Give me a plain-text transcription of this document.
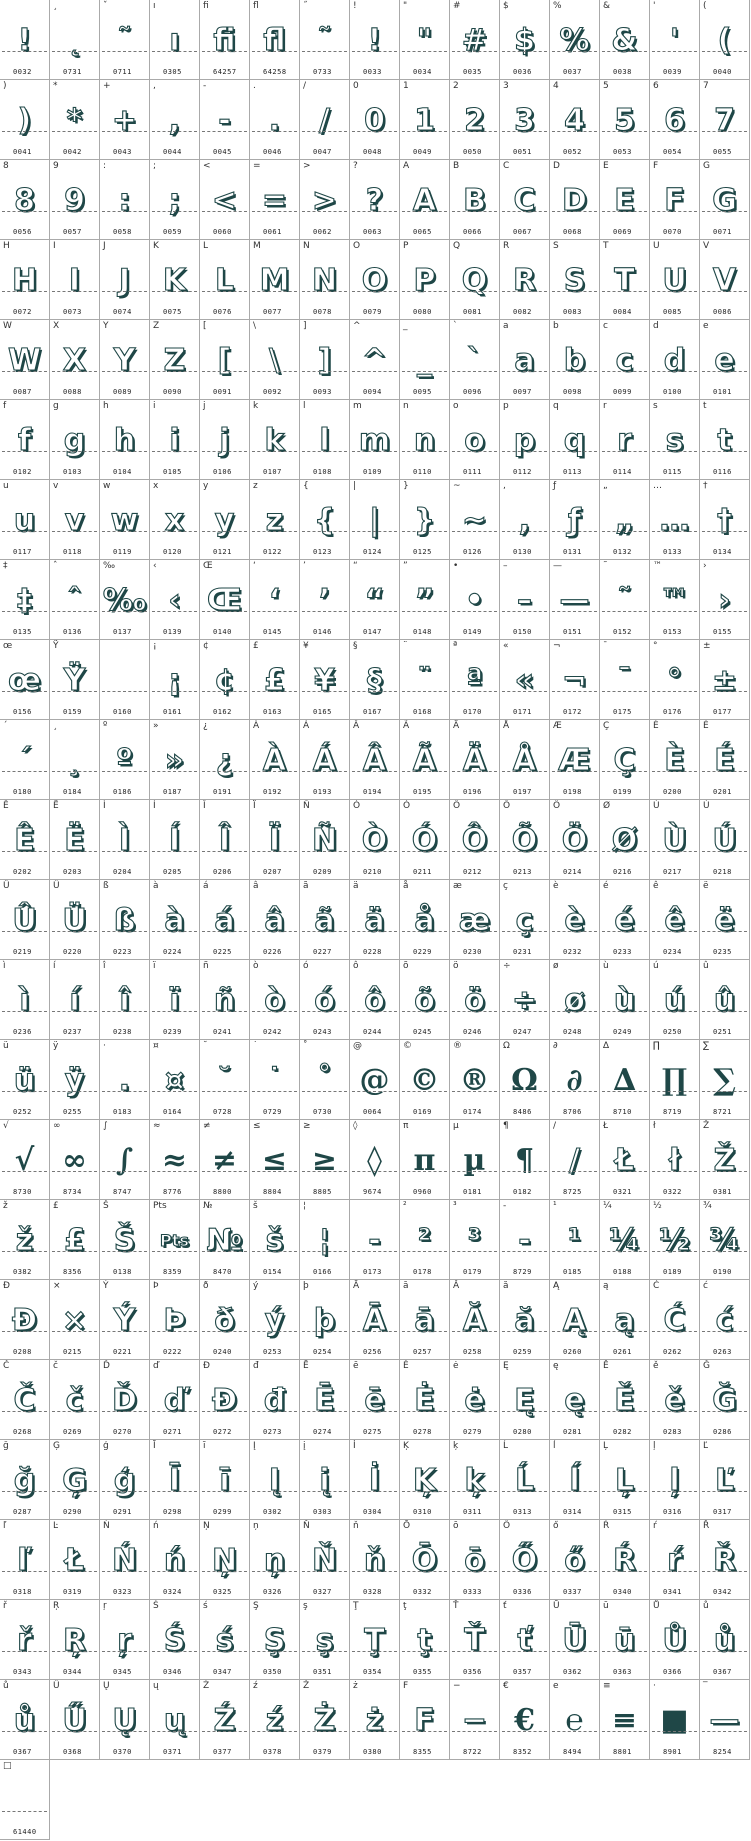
!
0032
¸
˛
0731
ˇ
˜
0711
ı
ı
0305
ﬁ
ﬁ
64257
ﬂ
ﬂ
64258
˝
˜
0733
!
!
0033
"
"
0034
#
#
0035
$
$
0036
%
%
0037
&
&
0038
'
'
0039
(
(
0040
)
)
0041
*
*
0042
+
+
0043
,
,
0044
-
-
0045
.
.
0046
/
/
0047
0
0
0048
1
1
0049
2
2
0050
3
3
0051
4
4
0052
5
5
0053
6
6
0054
7
7
0055
8
8
0056
9
9
0057
:
:
0058
;
;
0059
<
<
0060
=
=
0061
>
>
0062
?
?
0063
A
A
0065
B
B
0066
C
C
0067
D
D
0068
E
E
0069
F
F
0070
G
G
0071
H
H
0072
I
I
0073
J
J
0074
K
K
0075
L
L
0076
M
M
0077
N
N
0078
O
O
0079
P
P
0080
Q
Q
0081
R
R
0082
S
S
0083
T
T
0084
U
U
0085
V
V
0086
W
W
0087
X
X
0088
Y
Y
0089
Z
Z
0090
[
[
0091
\
\
0092
]
]
0093
^
^
0094
_
_
0095
`
`
0096
a
a
0097
b
b
0098
c
c
0099
d
d
0100
e
e
0101
f
f
0102
g
g
0103
h
h
0104
i
i
0105
j
j
0106
k
k
0107
l
l
0108
m
m
0109
n
n
0110
o
o
0111
p
p
0112
q
q
0113
r
r
0114
s
s
0115
t
t
0116
u
u
0117
v
v
0118
w
w
0119
x
x
0120
y
y
0121
z
z
0122
{
{
0123
|
|
0124
}
}
0125
~
~
0126
,
,
0130
ƒ
ƒ
0131
„
„
0132
…
…
0133
†
†
0134
‡
‡
0135
ˆ
ˆ
0136
‰
‰
0137
‹
‹
0139
Œ
Œ
0140
‘
‘
0145
’
’
0146
“
“
0147
”
”
0148
•
•
0149
–
–
0150
—
—
0151
˜
˜
0152
™
™
0153
›
›
0155
œ
œ
0156
Ÿ
Ÿ
0159	0160
¡
¡
0161
¢
¢
0162
£
£
0163
¥
¥
0165
§
§
0167
¨
¨
0168
ª
ª
0170
«
«
0171
¬
¬
0172
¯
¯
0175
°
°
0176
±
±
0177
´
´
0180
¸
¸
0184
º
º
0186
»
»
0187
¿
¿
0191
À
À
0192
Á
Á
0193
Â
Â
0194
Ã
Ã
0195
Ä
Ä
0196
Å
Å
0197
Æ
Æ
0198
Ç
Ç
0199
È
È
0200
É
É
0201
Ê
Ê
0202
Ë
Ë
0203
Ì
Ì
0204
Í
Í
0205
Î
Î
0206
Ï
Ï
0207
Ñ
Ñ
0209
Ò
Ò
0210
Ó
Ó
0211
Ô
Ô
0212
Õ
Õ
0213
Ö
Ö
0214
Ø
Ø
0216
Ù
Ù
0217
Ú
Ú
0218
Û
Û
0219
Ü
Ü
0220
ß
ß
0223
à
à
0224
á
á
0225
â
â
0226
ã
ã
0227
ä
ä
0228
å
å
0229
æ
æ
0230
ç
ç
0231
è
è
0232
é
é
0233
ê
ê
0234
ë
ë
0235
ì
ì
0236
í
í
0237
î
î
0238
ï
ï
0239
ñ
ñ
0241
ò
ò
0242
ó
ó
0243
ô
ô
0244
õ
õ
0245
ö
ö
0246
÷
÷
0247
ø
ø
0248
ù
ù
0249
ú
ú
0250
û
û
0251
ü
ü
0252
ÿ
ÿ
0255
·
.
0183
¤
¤
0164
˘
˘
0728
˙
˙
0729
˚
˚
0730
@
@
0064
©
©
0169
®
®
0174
Ω
Ω
8486
∂
∂
8706
∆
∆
8710
∏
∏
8719
∑
∑
8721
√
√
8730
∞
∞
8734
∫
∫
8747
≈
≈
8776
≠
≠
8800
≤
≤
8804
≥
≥
8805
◊
◊
9674
π
π
0960
µ
µ
0181
¶
¶
0182
/
/
8725
Ł
Ł
0321
ł
ł
0322
Ž
Ž
0381
ž
ž
0382
£
£
8356
Š
Š
0138
Pts
Pts
8359
№
№
8470
š
š
0154
¦
¦
0166
-
0173
²
²
0178
³
³
0179
-
-
8729
¹
¹
0185
¼
¼
0188
½
½
0189
¾
¾
0190
Ð
Ð
0208
×
×
0215
Ý
Ý
0221
Þ
Þ
0222
ð
ð
0240
ý
ý
0253
þ
þ
0254
Ā
Ā
0256
ā
ā
0257
Ă
Ă
0258
ă
ă
0259
Ą
Ą
0260
ą
ą
0261
Ć
Ć
0262
ć
ć
0263
Č
Č
0268
č
č
0269
Ď
Ď
0270
ď
ď
0271
Đ
Đ
0272
đ
đ
0273
Ē
Ē
0274
ē
ē
0275
Ė
Ė
0278
ė
ė
0279
Ę
Ę
0280
ę
ę
0281
Ě
Ě
0282
ě
ě
0283
Ğ
Ğ
0286
ğ
ğ
0287
Ģ
Ģ
0290
ģ
ģ
0291
Ī
Ī
0298
ī
ī
0299
Į
Į
0302
į
į
0303
İ
İ
0304
Ķ
Ķ
0310
ķ
ķ
0311
Ĺ
Ĺ
0313
ĺ
ĺ
0314
Ļ
Ļ
0315
ļ
ļ
0316
Ľ
Ľ
0317
ľ
ľ
0318
Ŀ
Ł
0319
Ń
Ń
0323
ń
ń
0324
Ņ
Ņ
0325
ņ
ņ
0326
Ň
Ň
0327
ň
ň
0328
Ō
Ō
0332
ō
ō
0333
Ő
Ő
0336
ő
ő
0337
Ŕ
Ŕ
0340
ŕ
ŕ
0341
Ř
Ř
0342
ř
ř
0343
Ŗ
Ŗ
0344
ŗ
ŗ
0345
Ś
Ś
0346
ś
ś
0347
Ş
Ş
0350
ş
ş
0351
Ţ
Ţ
0354
ţ
ţ
0355
Ť
Ť
0356
ť
ť
0357
Ū
Ū
0362
ū
ū
0363
Ů
Ů
0366
ů
ů
0367
ů
ů
0367
Ű
Ű
0368
Ų
Ų
0370
ų
ų
0371
Ź
Ź
0377
ź
ź
0378
Ż
Ż
0379
ż
ż
0380
F
F
8355
−
−
8722
€
€
8352
e
℮
8494
≡
≡
8801
·
■
8901
‾
—
8254
□
61440
